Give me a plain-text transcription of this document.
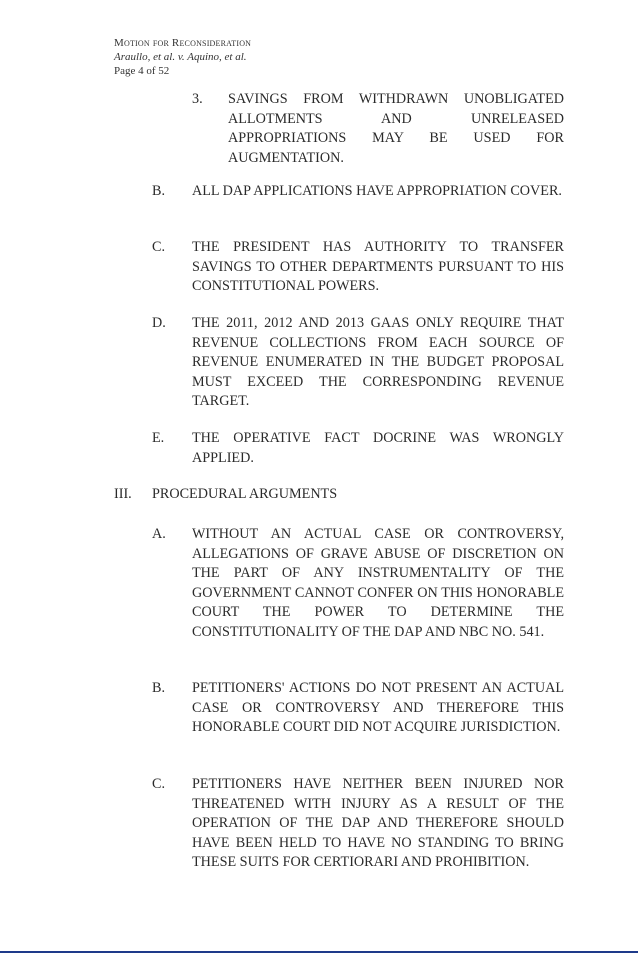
Motion for Reconsideration
Araullo, et al. v. Aquino, et al.
Page 4 of 52
3. SAVINGS FROM WITHDRAWN UNOBLIGATED ALLOTMENTS AND UNRELEASED APPROPRIATIONS MAY BE USED FOR AUGMENTATION.
B. ALL DAP APPLICATIONS HAVE APPROPRIATION COVER.
C. THE PRESIDENT HAS AUTHORITY TO TRANSFER SAVINGS TO OTHER DEPARTMENTS PURSUANT TO HIS CONSTITUTIONAL POWERS.
D. THE 2011, 2012 AND 2013 GAAS ONLY REQUIRE THAT REVENUE COLLECTIONS FROM EACH SOURCE OF REVENUE ENUMERATED IN THE BUDGET PROPOSAL MUST EXCEED THE CORRESPONDING REVENUE TARGET.
E. THE OPERATIVE FACT DOCRINE WAS WRONGLY APPLIED.
III. PROCEDURAL ARGUMENTS
A. WITHOUT AN ACTUAL CASE OR CONTROVERSY, ALLEGATIONS OF GRAVE ABUSE OF DISCRETION ON THE PART OF ANY INSTRUMENTALITY OF THE GOVERNMENT CANNOT CONFER ON THIS HONORABLE COURT THE POWER TO DETERMINE THE CONSTITUTIONALITY OF THE DAP AND NBC NO. 541.
B. PETITIONERS' ACTIONS DO NOT PRESENT AN ACTUAL CASE OR CONTROVERSY AND THEREFORE THIS HONORABLE COURT DID NOT ACQUIRE JURISDICTION.
C. PETITIONERS HAVE NEITHER BEEN INJURED NOR THREATENED WITH INJURY AS A RESULT OF THE OPERATION OF THE DAP AND THEREFORE SHOULD HAVE BEEN HELD TO HAVE NO STANDING TO BRING THESE SUITS FOR CERTIORARI AND PROHIBITION.
